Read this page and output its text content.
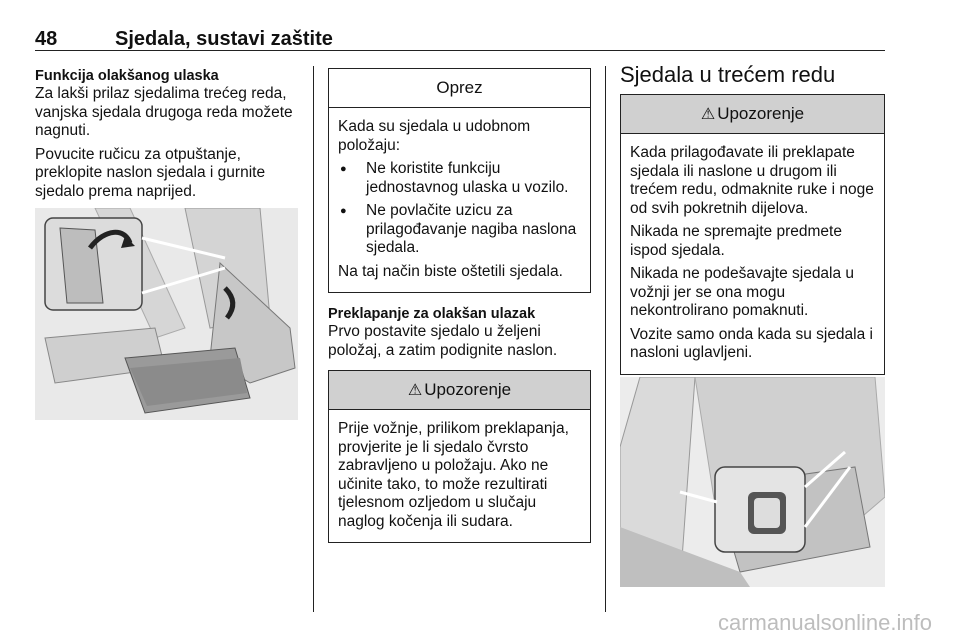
48	Sjedala, sustavi zaštite
Funkcija olakšanog ulaska

Za lakši prilaz sjedalima trećeg reda, vanjska sjedala drugoga reda možete nagnuti.

Povucite ručicu za otpuštanje, preklopite naslon sjedala i gurnite sjedalo prema naprijed.

Oprez

Kada su sjedala u udobnom položaju:

● Ne koristite funkciju jednostavnog ulaska u vozilo.
● Ne povlačite uzicu za prilagođavanje nagiba naslona sjedala.

Na taj način biste oštetili sjedala.

Preklapanje za olakšan ulazak

Prvo postavite sjedalo u željeni položaj, a zatim podignite naslon.

⚠ Upozorenje

Prije vožnje, prilikom preklapanja, provjerite je li sjedalo čvrsto zabravljeno u položaju. Ako ne učinite tako, to može rezultirati tjelesnom ozljedom u slučaju naglog kočenja ili sudara.

Sjedala u trećem redu
⚠ Upozorenje

Kada prilagođavate ili preklapate sjedala ili naslone u drugom ili trećem redu, odmaknite ruke i noge od svih pokretnih dijelova.

Nikada ne spremajte predmete ispod sjedala.

Nikada ne podešavajte sjedala u vožnji jer se ona mogu nekontrolirano pomaknuti.

Vozite samo onda kada su sjedala i nasloni uglavljeni.

carmanualsonline.info
